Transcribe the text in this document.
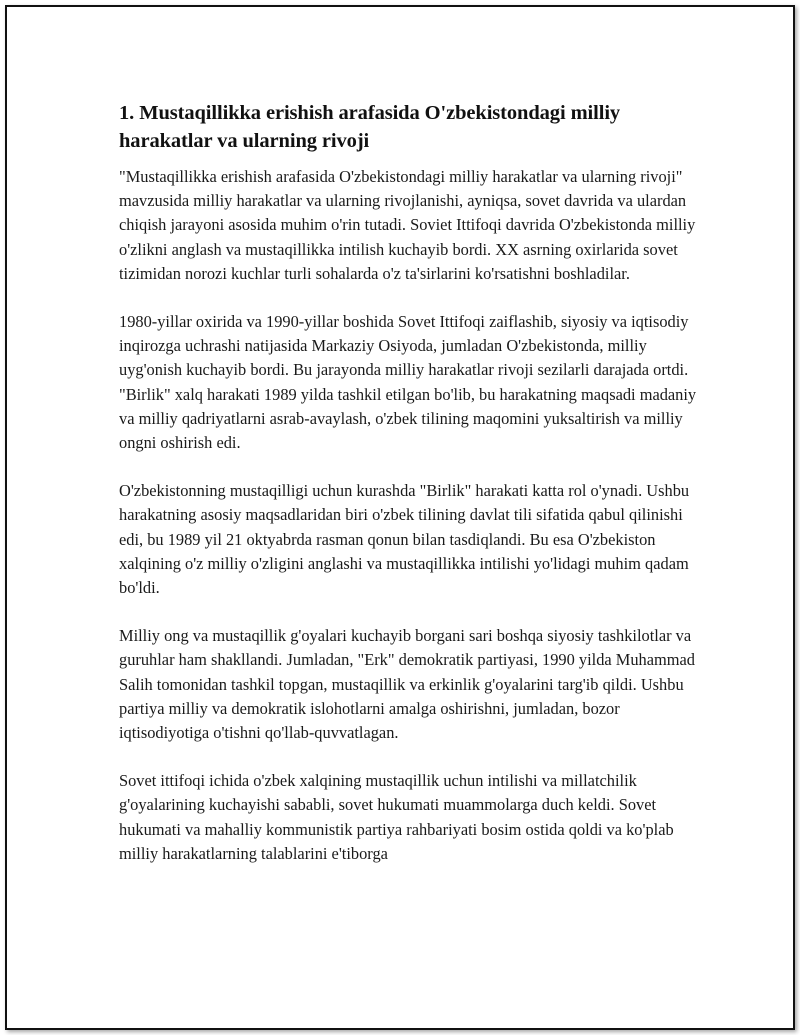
1. Mustaqillikka erishish arafasida O'zbekistondagi milliy harakatlar va ularning rivoji

"Mustaqillikka erishish arafasida O'zbekistondagi milliy harakatlar va ularning rivoji" mavzusida milliy harakatlar va ularning rivojlanishi, ayniqsa, sovet davrida va ulardan chiqish jarayoni asosida muhim o'rin tutadi. Soviet Ittifoqi davrida O'zbekistonda milliy o'zlikni anglash va mustaqillikka intilish kuchayib bordi. XX asrning oxirlarida sovet tizimidan norozi kuchlar turli sohalarda o'z ta'sirlarini ko'rsatishni boshladilar.

1980-yillar oxirida va 1990-yillar boshida Sovet Ittifoqi zaiflashib, siyosiy va iqtisodiy inqirozga uchrashi natijasida Markaziy Osiyoda, jumladan O'zbekistonda, milliy uyg'onish kuchayib bordi. Bu jarayonda milliy harakatlar rivoji sezilarli darajada ortdi. "Birlik" xalq harakati 1989 yilda tashkil etilgan bo'lib, bu harakatning maqsadi madaniy va milliy qadriyatlarni asrab-avaylash, o'zbek tilining maqomini yuksaltirish va milliy ongni oshirish edi.

O'zbekistonning mustaqilligi uchun kurashda "Birlik" harakati katta rol o'ynadi. Ushbu harakatning asosiy maqsadlaridan biri o'zbek tilining davlat tili sifatida qabul qilinishi edi, bu 1989 yil 21 oktyabrda rasman qonun bilan tasdiqlandi. Bu esa O'zbekiston xalqining o'z milliy o'zligini anglashi va mustaqillikka intilishi yo'lidagi muhim qadam bo'ldi.

Milliy ong va mustaqillik g'oyalari kuchayib borgani sari boshqa siyosiy tashkilotlar va guruhlar ham shakllandi. Jumladan, "Erk" demokratik partiyasi, 1990 yilda Muhammad Salih tomonidan tashkil topgan, mustaqillik va erkinlik g'oyalarini targ'ib qildi. Ushbu partiya milliy va demokratik islohotlarni amalga oshirishni, jumladan, bozor iqtisodiyotiga o'tishni qo'llab-quvvatlagan.

Sovet ittifoqi ichida o'zbek xalqining mustaqillik uchun intilishi va millatchilik g'oyalarining kuchayishi sababli, sovet hukumati muammolarga duch keldi. Sovet hukumati va mahalliy kommunistik partiya rahbariyati bosim ostida qoldi va ko'plab milliy harakatlarning talablarini e'tiborga
